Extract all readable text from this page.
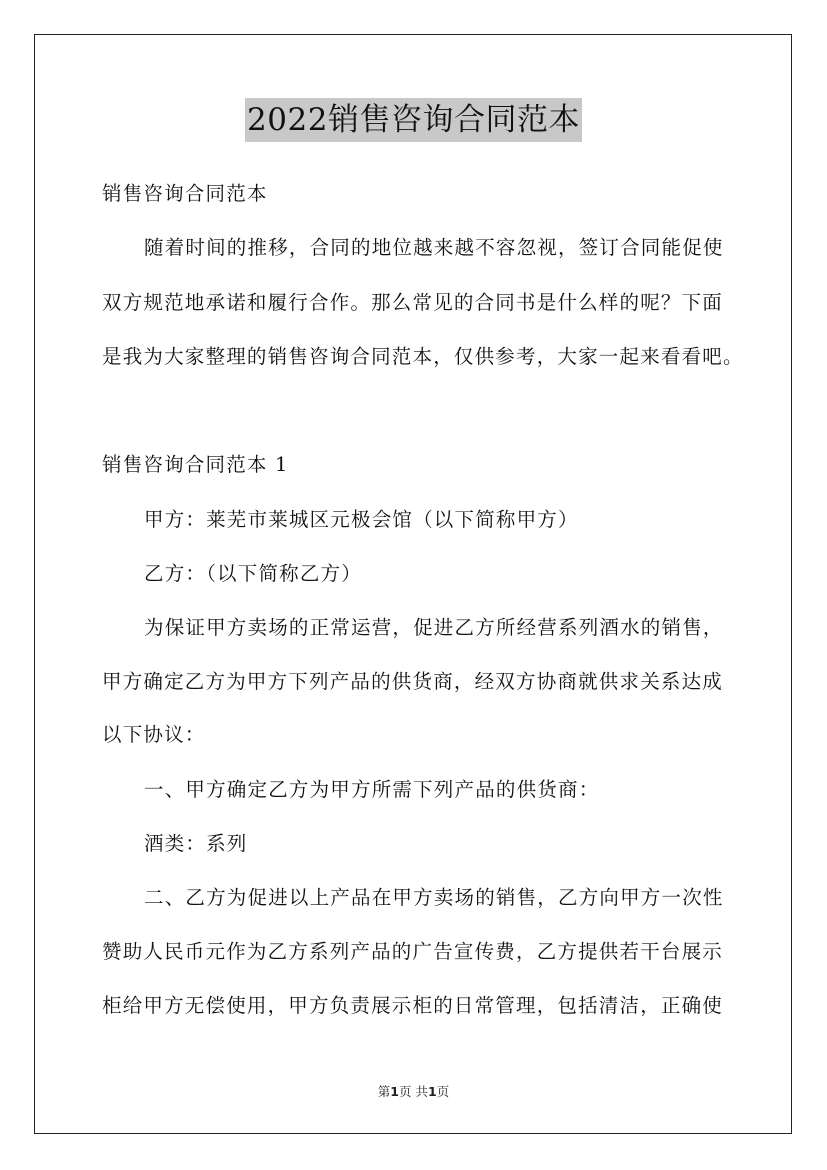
2022销售咨询合同范本
销售咨询合同范本
随着时间的推移，合同的地位越来越不容忽视，签订合同能促使
双方规范地承诺和履行合作。那么常见的合同书是什么样的呢？下面
是我为大家整理的销售咨询合同范本，仅供参考，大家一起来看看吧。
销售咨询合同范本 1
甲方：莱芜市莱城区元极会馆（以下简称甲方）
乙方：（以下简称乙方）
为保证甲方卖场的正常运营，促进乙方所经营系列酒水的销售，
甲方确定乙方为甲方下列产品的供货商，经双方协商就供求关系达成
以下协议：
一、甲方确定乙方为甲方所需下列产品的供货商：
酒类：系列
二、乙方为促进以上产品在甲方卖场的销售，乙方向甲方一次性
赞助人民币元作为乙方系列产品的广告宣传费，乙方提供若干台展示
柜给甲方无偿使用，甲方负责展示柜的日常管理，包括清洁，正确使
第1页 共1页
